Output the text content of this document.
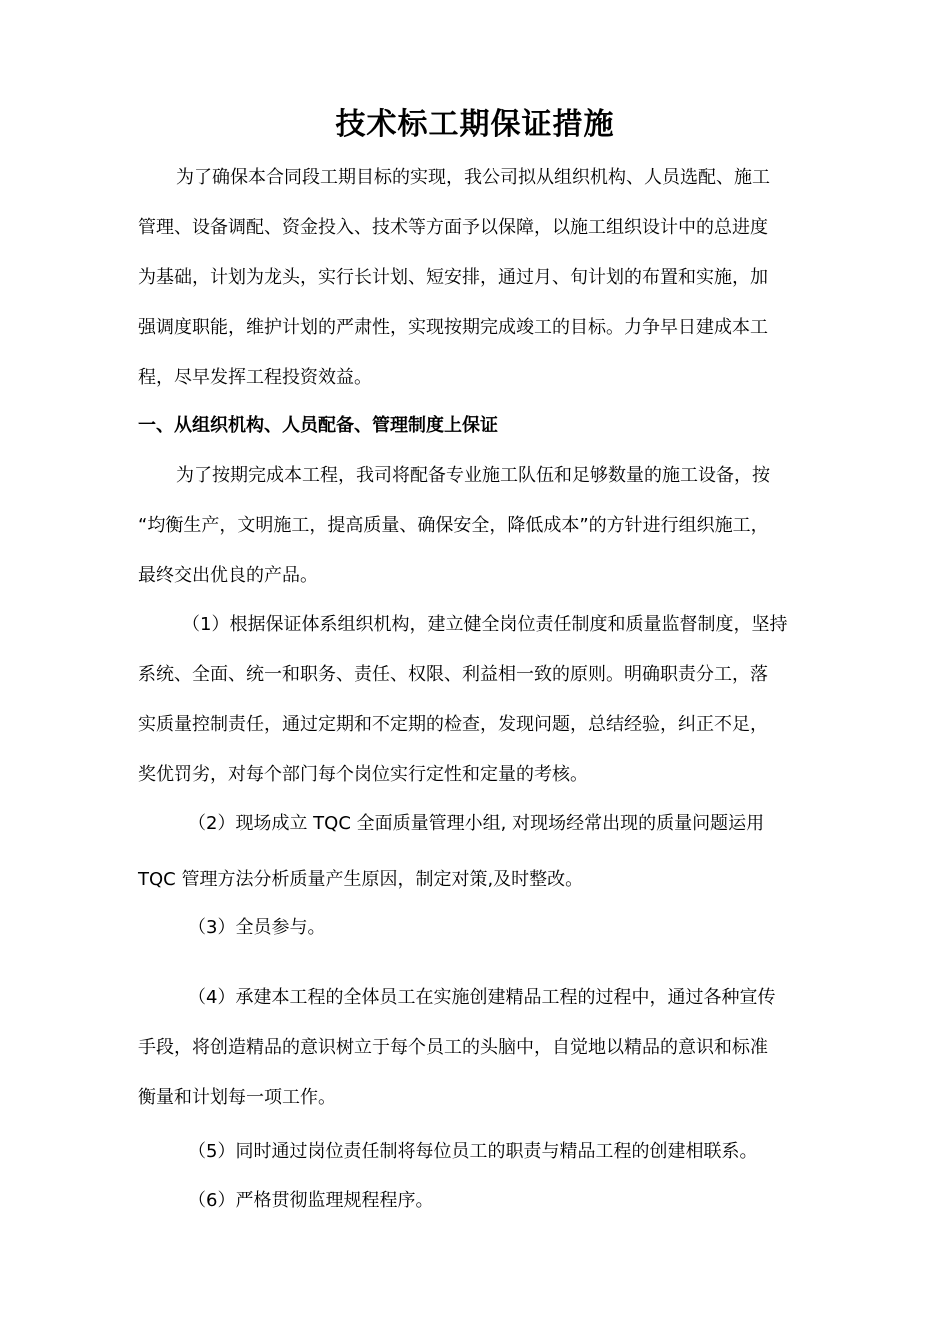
技术标工期保证措施
为了确保本合同段工期目标的实现，我公司拟从组织机构、人员选配、施工
管理、设备调配、资金投入、技术等方面予以保障，以施工组织设计中的总进度
为基础，计划为龙头，实行长计划、短安排，通过月、旬计划的布置和实施，加
强调度职能，维护计划的严肃性，实现按期完成竣工的目标。力争早日建成本工
程，尽早发挥工程投资效益。
一、从组织机构、人员配备、管理制度上保证
为了按期完成本工程，我司将配备专业施工队伍和足够数量的施工设备，按
“均衡生产，文明施工，提高质量、确保安全，降低成本”的方针进行组织施工，
最终交出优良的产品。
（1）根据保证体系组织机构，建立健全岗位责任制度和质量监督制度，坚持
系统、全面、统一和职务、责任、权限、利益相一致的原则。明确职责分工，落
实质量控制责任，通过定期和不定期的检查，发现问题，总结经验，纠正不足，
奖优罚劣，对每个部门每个岗位实行定性和定量的考核。
（2）现场成立 TQC 全面质量管理小组, 对现场经常出现的质量问题运用
TQC 管理方法分析质量产生原因，制定对策,及时整改。
（3）全员参与。
（4）承建本工程的全体员工在实施创建精品工程的过程中，通过各种宣传
手段，将创造精品的意识树立于每个员工的头脑中，自觉地以精品的意识和标准
衡量和计划每一项工作。
（5）同时通过岗位责任制将每位员工的职责与精品工程的创建相联系。
（6）严格贯彻监理规程程序。
